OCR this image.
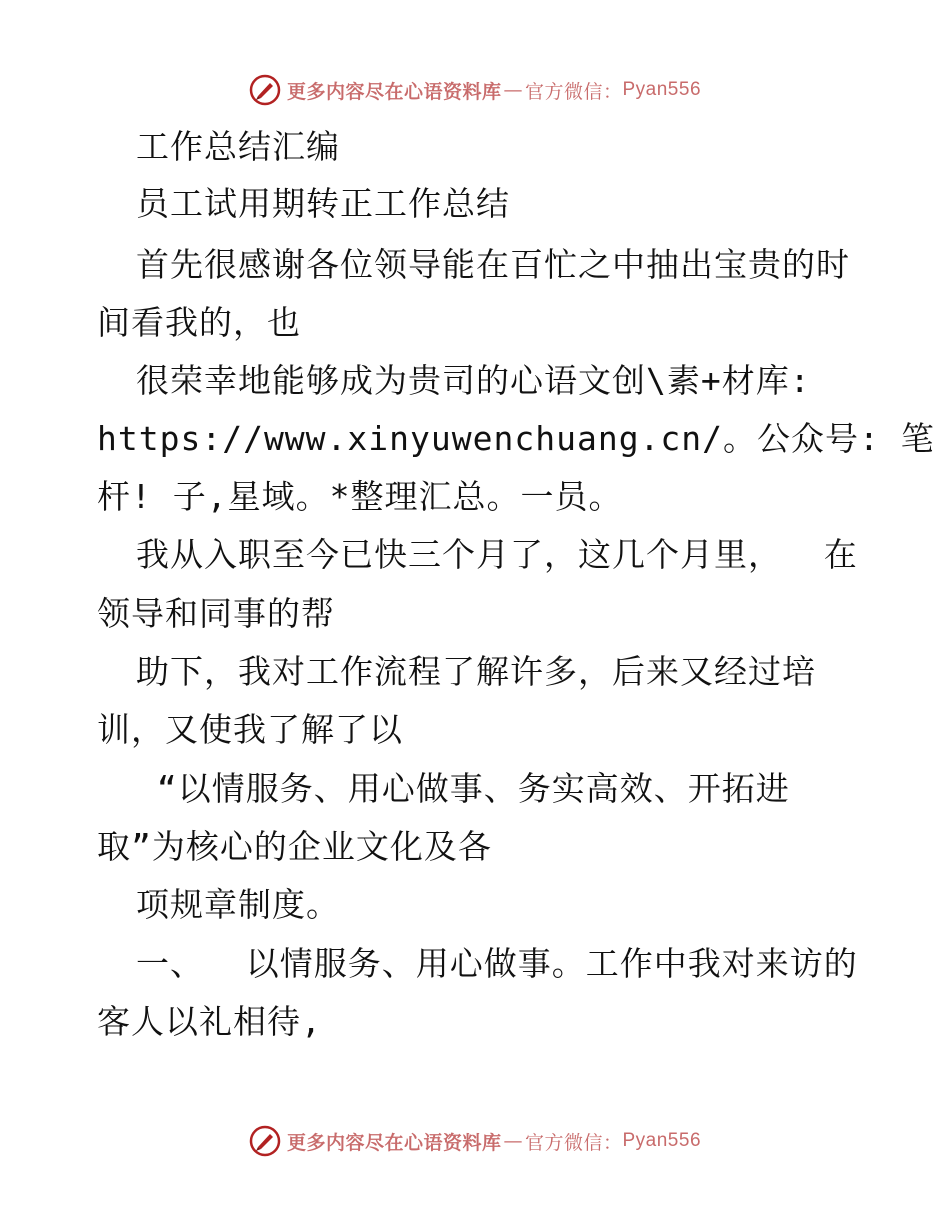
更多内容尽在心语资料库 — 官方微信： Pyan556
工作总结汇编
员工试用期转正工作总结
首先很感谢各位领导能在百忙之中抽出宝贵的时
间看我的，也
很荣幸地能够成为贵司的心语文创\素+材库:
https://www.xinyuwenchuang.cn/。公众号: 笔
杆! 子,星域。*整理汇总。一员。
我从入职至今已快三个月了，这几个月里，  在
领导和同事的帮
助下，我对工作流程了解许多，后来又经过培
训，又使我了解了以
“以情服务、用心做事、务实高效、开拓进
取”为核心的企业文化及各
项规章制度。
一、  以情服务、用心做事。工作中我对来访的
客人以礼相待,
更多内容尽在心语资料库 — 官方微信： Pyan556
